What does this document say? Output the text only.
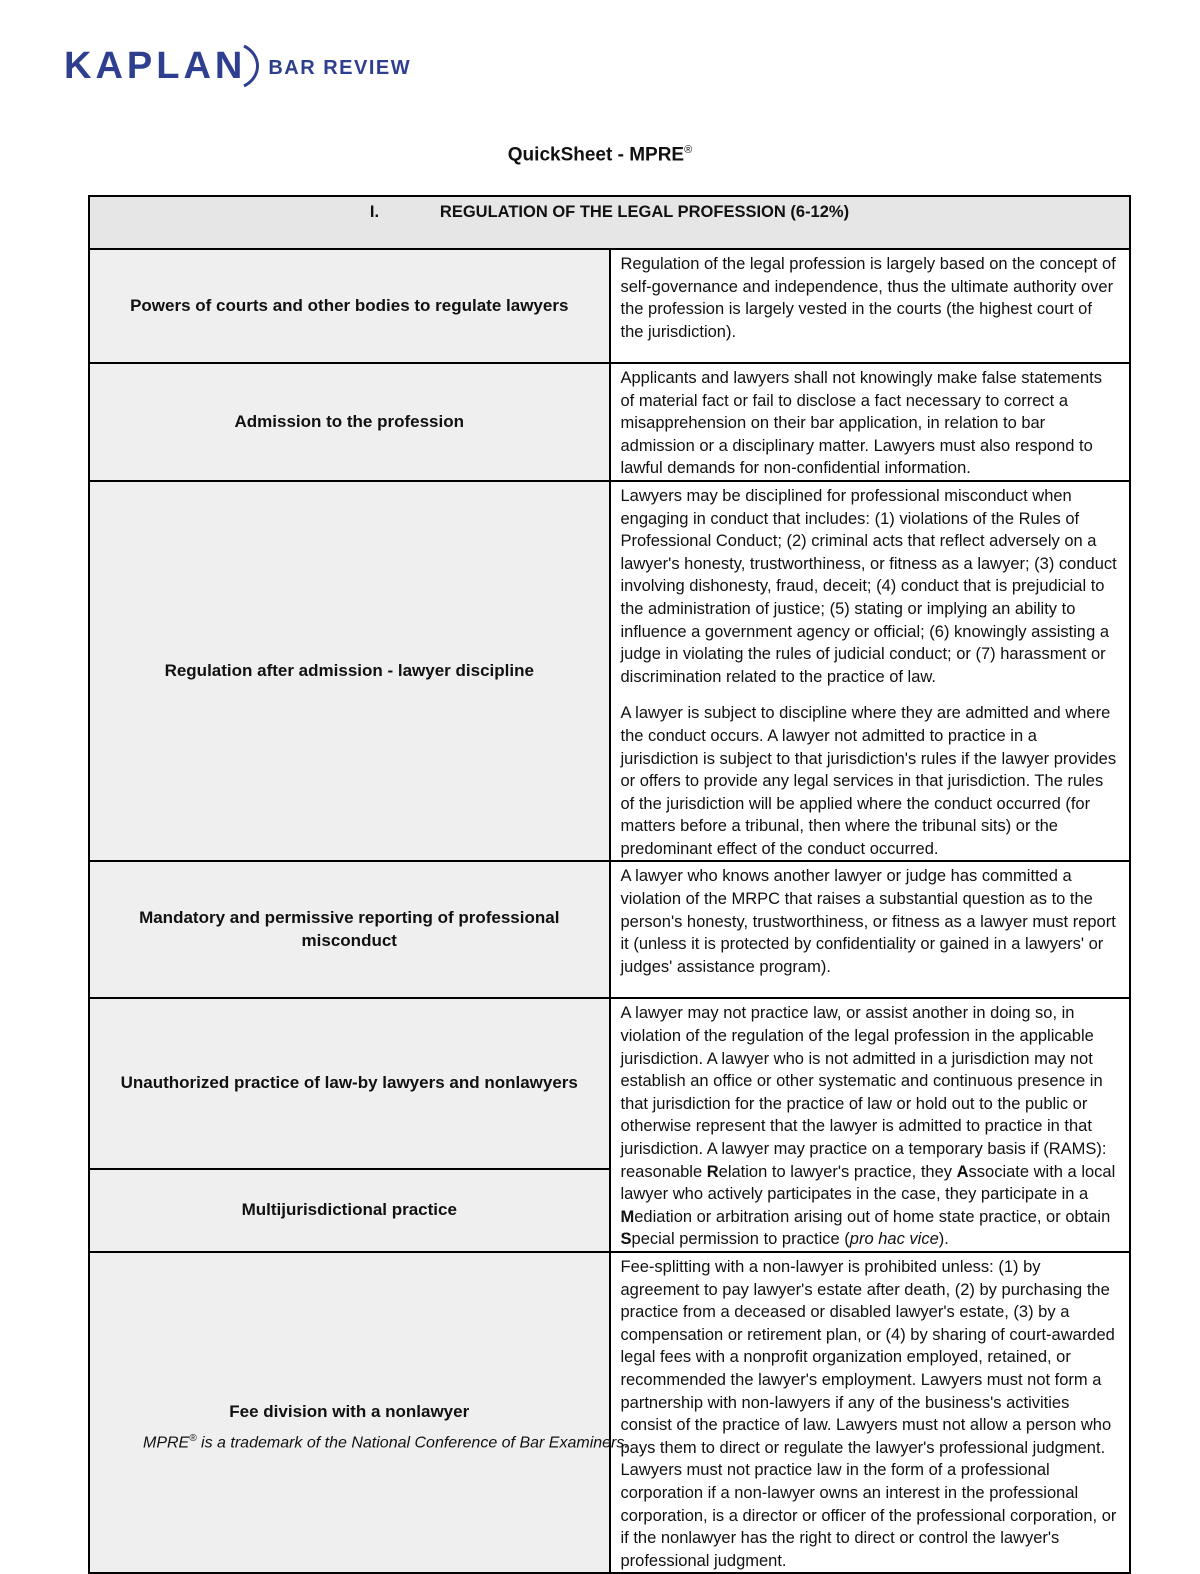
KAPLAN BAR REVIEW
QuickSheet - MPRE®
I. REGULATION OF THE LEGAL PROFESSION (6-12%)	
Powers of courts and other bodies to regulate lawyers	Regulation of the legal profession is largely based on the concept of self-governance and independence, thus the ultimate authority over the profession is largely vested in the courts (the highest court of the jurisdiction).

Admission to the profession	Applicants and lawyers shall not knowingly make false statements of material fact or fail to disclose a fact necessary to correct a misapprehension on their bar application, in relation to bar admission or a disciplinary matter. Lawyers must also respond to lawful demands for non-confidential information.

Regulation after admission - lawyer discipline	Lawyers may be disciplined for professional misconduct when engaging in conduct that includes: (1) violations of the Rules of Professional Conduct; (2) criminal acts that reflect adversely on a lawyer's honesty, trustworthiness, or fitness as a lawyer; (3) conduct involving dishonesty, fraud, deceit; (4) conduct that is prejudicial to the administration of justice; (5) stating or implying an ability to influence a government agency or official; (6) knowingly assisting a judge in violating the rules of judicial conduct; or (7) harassment or discrimination related to the practice of law.

A lawyer is subject to discipline where they are admitted and where the conduct occurs. A lawyer not admitted to practice in a jurisdiction is subject to that jurisdiction's rules if the lawyer provides or offers to provide any legal services in that jurisdiction. The rules of the jurisdiction will be applied where the conduct occurred (for matters before a tribunal, then where the tribunal sits) or the predominant effect of the conduct occurred.

Mandatory and permissive reporting of professional misconduct	A lawyer who knows another lawyer or judge has committed a violation of the MRPC that raises a substantial question as to the person's honesty, trustworthiness, or fitness as a lawyer must report it (unless it is protected by confidentiality or gained in a lawyers' or judges' assistance program).

Unauthorized practice of law-by lawyers and nonlawyers	A lawyer may not practice law, or assist another in doing so, in violation of the regulation of the legal profession in the applicable jurisdiction. A lawyer who is not admitted in a jurisdiction may not establish an office or other systematic and continuous presence in that jurisdiction for the practice of law or hold out to the public or otherwise represent that the lawyer is admitted to practice in that jurisdiction. A lawyer may practice on a temporary basis if (RAMS): reasonable Relation to lawyer's practice, they Associate with a local lawyer who actively participates in the case, they participate in a Mediation or arbitration arising out of home state practice, or obtain Special permission to practice (pro hac vice).

Multijurisdictional practice	
Fee division with a nonlawyer	Fee-splitting with a non-lawyer is prohibited unless: (1) by agreement to pay lawyer's estate after death, (2) by purchasing the practice from a deceased or disabled lawyer's estate, (3) by a compensation or retirement plan, or (4) by sharing of court-awarded legal fees with a nonprofit organization employed, retained, or recommended the lawyer's employment. Lawyers must not form a partnership with non-lawyers if any of the business's activities consist of the practice of law. Lawyers must not allow a person who pays them to direct or regulate the lawyer's professional judgment. Lawyers must not practice law in the form of a professional corporation if a non-lawyer owns an interest in the professional corporation, is a director or officer of the professional corporation, or if the nonlawyer has the right to direct or control the lawyer's professional judgment.

MPRE® is a trademark of the National Conference of Bar Examiners.
